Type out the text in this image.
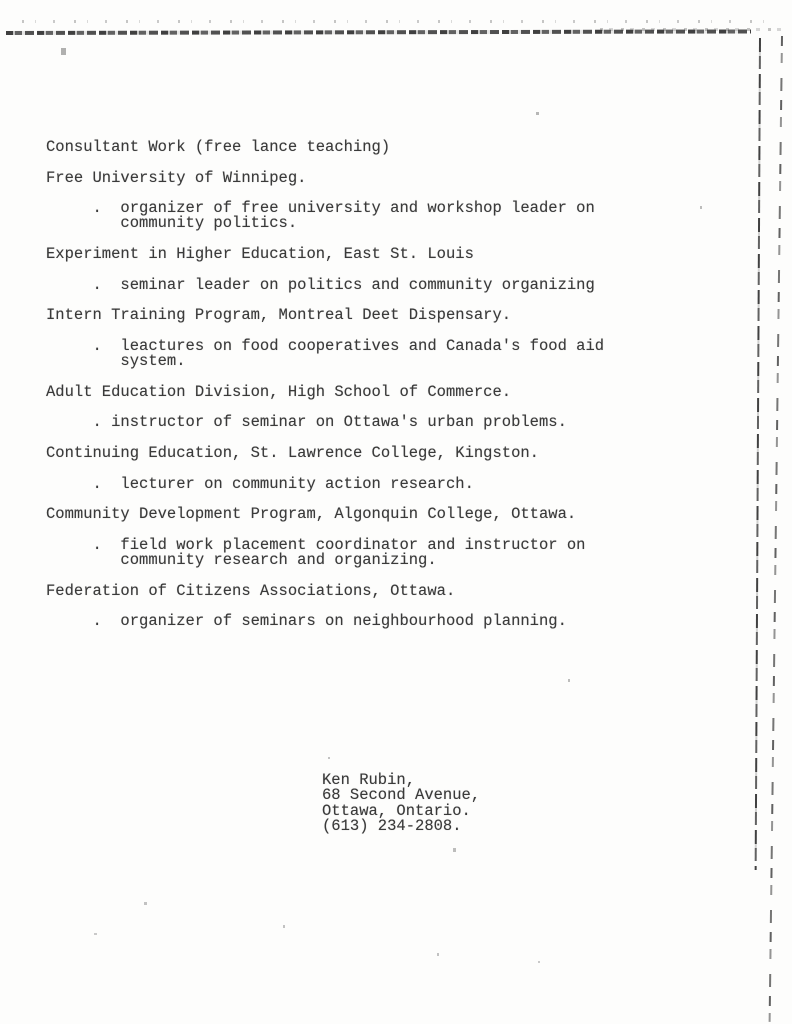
Consultant Work (free lance teaching)
Free University of Winnipeg.
.  organizer of free university and workshop leader on
community politics.
Experiment in Higher Education, East St. Louis
.  seminar leader on politics and community organizing
Intern Training Program, Montreal Deet Dispensary.
.  leactures on food cooperatives and Canada's food aid
system.
Adult Education Division, High School of Commerce.
. instructor of seminar on Ottawa's urban problems.
Continuing Education, St. Lawrence College, Kingston.
.  lecturer on community action research.
Community Development Program, Algonquin College, Ottawa.
.  field work placement coordinator and instructor on
community research and organizing.
Federation of Citizens Associations, Ottawa.
.  organizer of seminars on neighbourhood planning.
Ken Rubin,
68 Second Avenue,
Ottawa, Ontario.
(613) 234-2808.
